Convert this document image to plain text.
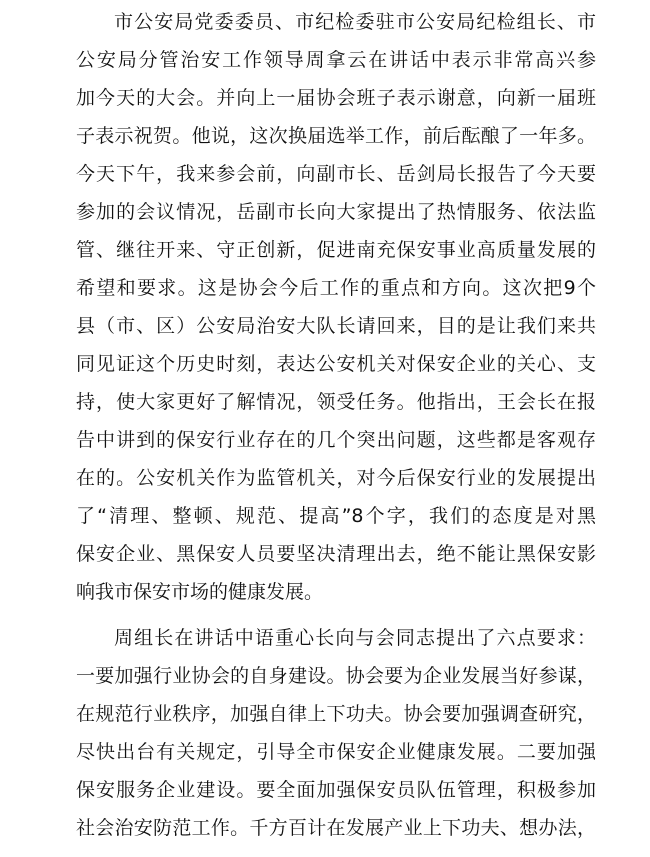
市公安局党委委员、市纪检委驻市公安局纪检组长、市
公安局分管治安工作领导周拿云在讲话中表示非常高兴参
加今天的大会。并向上一届协会班子表示谢意，向新一届班
子表示祝贺。他说，这次换届选举工作，前后酝酿了一年多。
今天下午，我来参会前，向副市长、岳剑局长报告了今天要
参加的会议情况，岳副市长向大家提出了热情服务、依法监
管、继往开来、守正创新，促进南充保安事业高质量发展的
希望和要求。这是协会今后工作的重点和方向。这次把9个
县（市、区）公安局治安大队长请回来，目的是让我们来共
同见证这个历史时刻，表达公安机关对保安企业的关心、支
持，使大家更好了解情况，领受任务。他指出，王会长在报
告中讲到的保安行业存在的几个突出问题，这些都是客观存
在的。公安机关作为监管机关，对今后保安行业的发展提出
了“清理、整顿、规范、提高”8个字，我们的态度是对黑
保安企业、黑保安人员要坚决清理出去，绝不能让黑保安影
响我市保安市场的健康发展。
周组长在讲话中语重心长向与会同志提出了六点要求：
一要加强行业协会的自身建设。协会要为企业发展当好参谋，
在规范行业秩序，加强自律上下功夫。协会要加强调查研究，
尽快出台有关规定，引导全市保安企业健康发展。二要加强
保安服务企业建设。要全面加强保安员队伍管理，积极参加
社会治安防范工作。千方百计在发展产业上下功夫、想办法，
